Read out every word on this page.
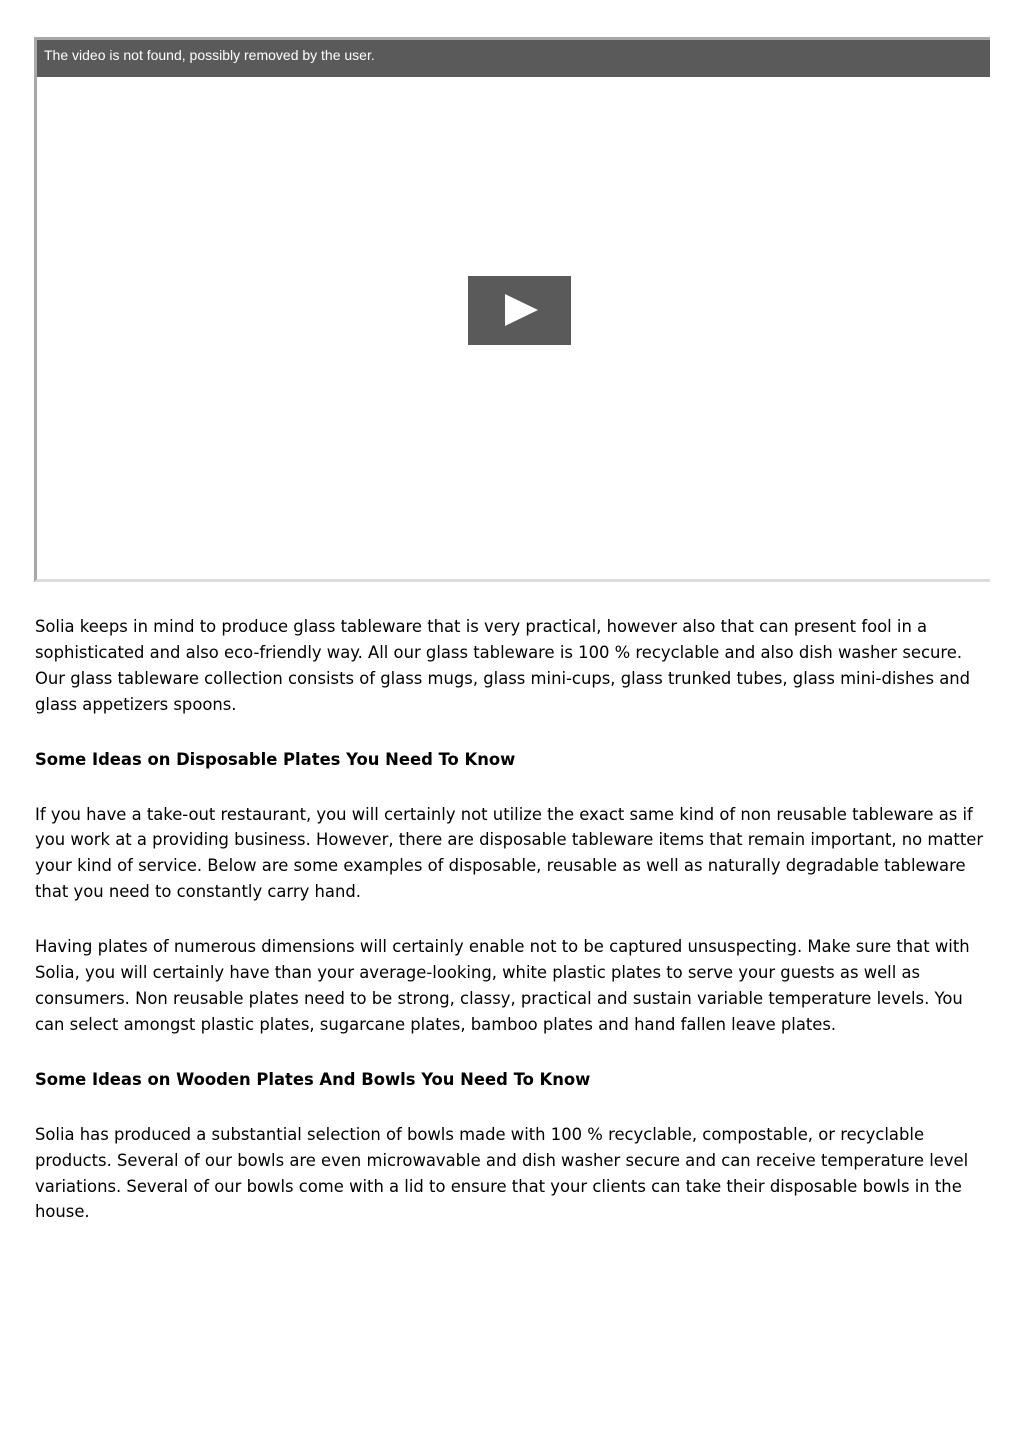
The video is not found, possibly removed by the user.

Solia keeps in mind to produce glass tableware that is very practical, however also that can present fool in a sophisticated and also eco-friendly way. All our glass tableware is 100 % recyclable and also dish washer secure. Our glass tableware collection consists of glass mugs, glass mini-cups, glass trunked tubes, glass mini-dishes and glass appetizers spoons.

Some Ideas on Disposable Plates You Need To Know

If you have a take-out restaurant, you will certainly not utilize the exact same kind of non reusable tableware as if you work at a providing business. However, there are disposable tableware items that remain important, no matter your kind of service. Below are some examples of disposable, reusable as well as naturally degradable tableware that you need to constantly carry hand.

Having plates of numerous dimensions will certainly enable not to be captured unsuspecting. Make sure that with Solia, you will certainly have than your average-looking, white plastic plates to serve your guests as well as consumers. Non reusable plates need to be strong, classy, practical and sustain variable temperature levels. You can select amongst plastic plates, sugarcane plates, bamboo plates and hand fallen leave plates.

Some Ideas on Wooden Plates And Bowls You Need To Know

Solia has produced a substantial selection of bowls made with 100 % recyclable, compostable, or recyclable products. Several of our bowls are even microwavable and dish washer secure and can receive temperature level variations. Several of our bowls come with a lid to ensure that your clients can take their disposable bowls in the house.
